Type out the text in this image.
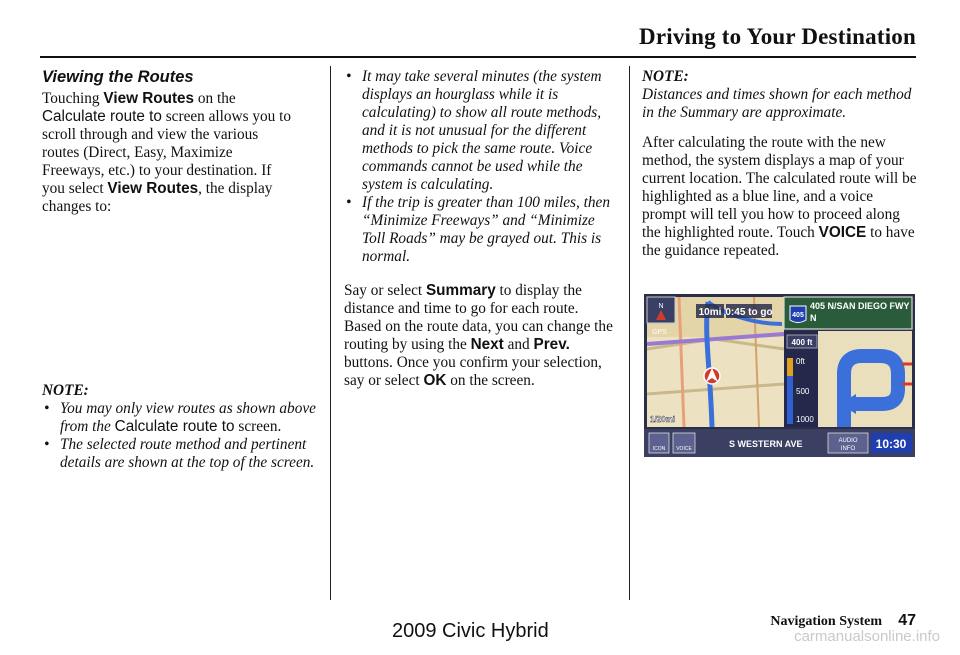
Driving to Your Destination
Viewing the Routes

Touching View Routes on the
Calculate route to screen allows you to
scroll through and view the various
routes (Direct, Easy, Maximize
Freeways, etc.) to your destination. If
you select View Routes, the display
changes to:

NOTE:

• You may only view routes as shown above from the Calculate route to screen.
• The selected route method and pertinent details are shown at the top of the screen.
• It may take several minutes (the system displays an hourglass while it is calculating) to show all route methods, and it is not unusual for the different methods to pick the same route. Voice commands cannot be used while the system is calculating.
• If the trip is greater than 100 miles, then “Minimize Freeways” and “Minimize Toll Roads” may be grayed out. This is normal.

Say or select Summary to display the distance and time to go for each route. Based on the route data, you can change the routing by using the Next and Prev. buttons. Once you confirm your selection, say or select OK on the screen.

NOTE:

Distances and times shown for each method in the Summary are approximate.

After calculating the route with the new method, the system displays a map of your current location. The calculated route will be highlighted as a blue line, and a voice prompt will tell you how to proceed along the highlighted route. Touch VOICE to have the guidance repeated.

N
10mi 0:45 to go
GPS
405
405 N/SAN DIEGO FWY
N
400 ft
0ft
500
1000
1/20mi
ICON VOICE	S WESTERN AVE	AUDIO
INFO 10:30
Navigation System 47
2009 Civic Hybrid	carmanualsonline.info
